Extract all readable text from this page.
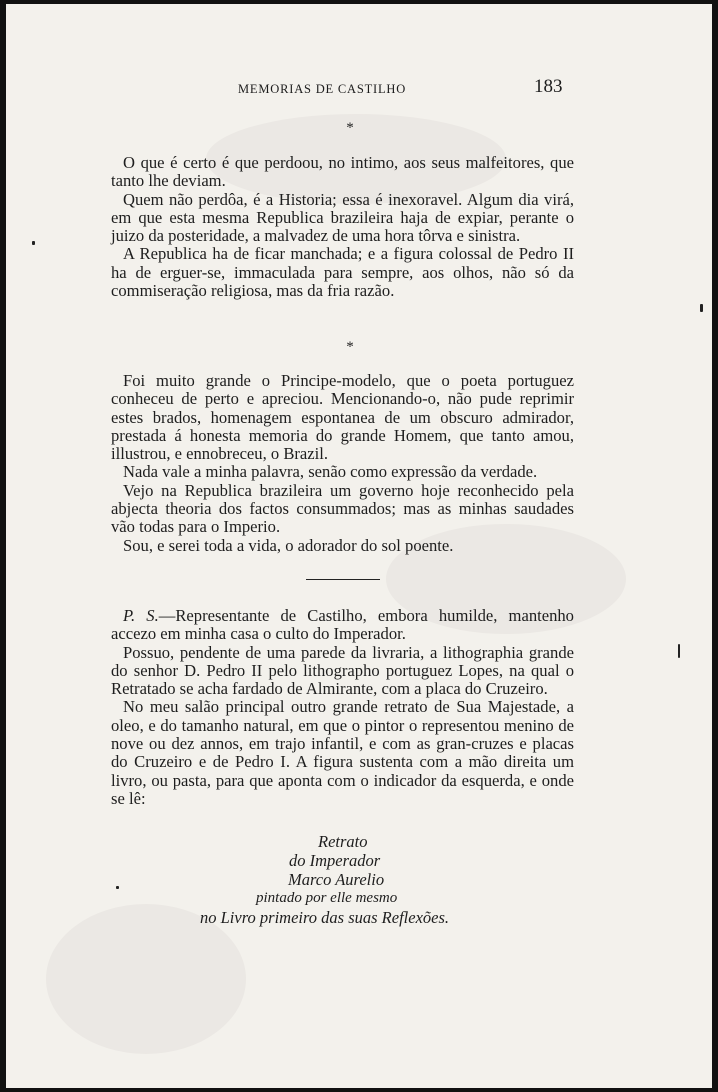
MEMORIAS DE CASTILHO	183
*

O que é certo é que perdoou, no intimo, aos seus malfeitores, que tanto lhe deviam.

Quem não perdôa, é a Historia; essa é inexoravel. Algum dia virá, em que esta mesma Republica brazileira haja de expiar, perante o juizo da posteridade, a malvadez de uma hora tôrva e sinistra.

A Republica ha de ficar manchada; e a figura colossal de Pedro II ha de erguer-se, immaculada para sempre, aos olhos, não só da commiseração religiosa, mas da fria razão.

*

Foi muito grande o Principe-modelo, que o poeta portuguez conheceu de perto e apreciou. Mencionando-o, não pude reprimir estes brados, homenagem espontanea de um obscuro admirador, prestada á honesta memoria do grande Homem, que tanto amou, illustrou, e ennobreceu, o Brazil.

Nada vale a minha palavra, senão como expressão da verdade.

Vejo na Republica brazileira um governo hoje reconhecido pela abjecta theoria dos factos consummados; mas as minhas saudades vão todas para o Imperio.

Sou, e serei toda a vida, o adorador do sol poente.

P. S.—Representante de Castilho, embora humilde, mantenho accezo em minha casa o culto do Imperador.

Possuo, pendente de uma parede da livraria, a lithographia grande do senhor D. Pedro II pelo lithographo portuguez Lopes, na qual o Retratado se acha fardado de Almirante, com a placa do Cruzeiro.

No meu salão principal outro grande retrato de Sua Majestade, a oleo, e do tamanho natural, em que o pintor o representou menino de nove ou dez annos, em trajo infantil, e com as gran-cruzes e placas do Cruzeiro e de Pedro I. A figura sustenta com a mão direita um livro, ou pasta, para que aponta com o indicador da esquerda, e onde se lê:

Retrato
do Imperador
Marco Aurelio
pintado por elle mesmo
no Livro primeiro das suas Reflexões.
